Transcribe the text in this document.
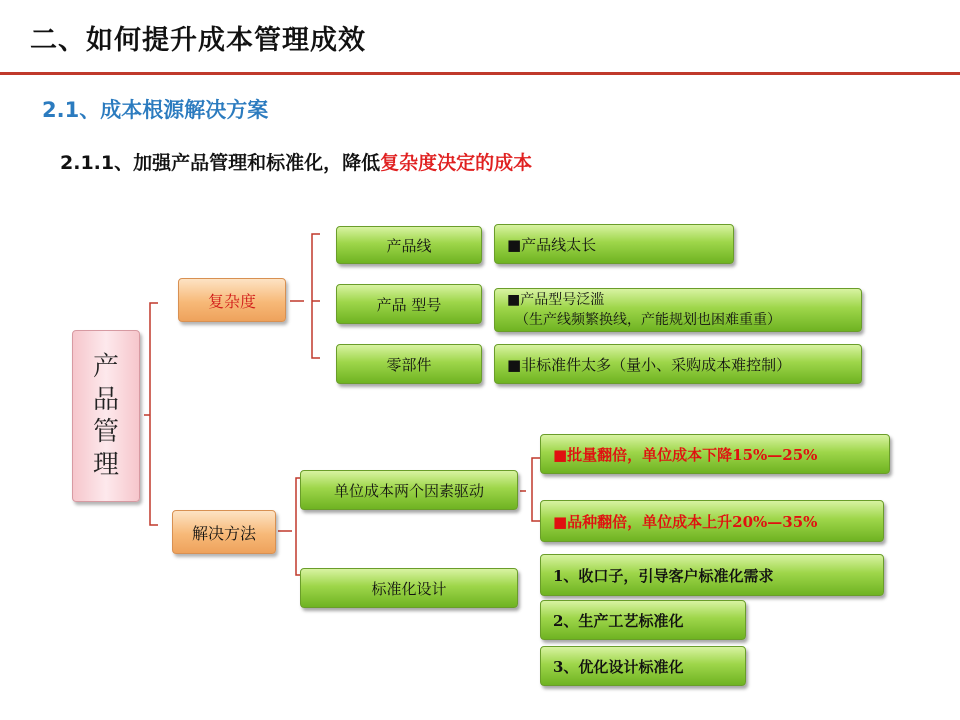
二、如何提升成本管理成效
2.1、成本根源解决方案
2.1.1、加强产品管理和标准化，降低复杂度决定的成本
产
品
管
理
复杂度
产品线
产品 型号
零部件
■产品线太长
■产品型号泛滥
（生产线频繁换线，产能规划也困难重重）
■非标准件太多（量小、采购成本难控制）
解决方法
单位成本两个因素驱动
标准化设计
■批量翻倍，单位成本下降15%—25%
■品种翻倍，单位成本上升20%—35%
1、收口子，引导客户标准化需求
2、生产工艺标准化
3、优化设计标准化
